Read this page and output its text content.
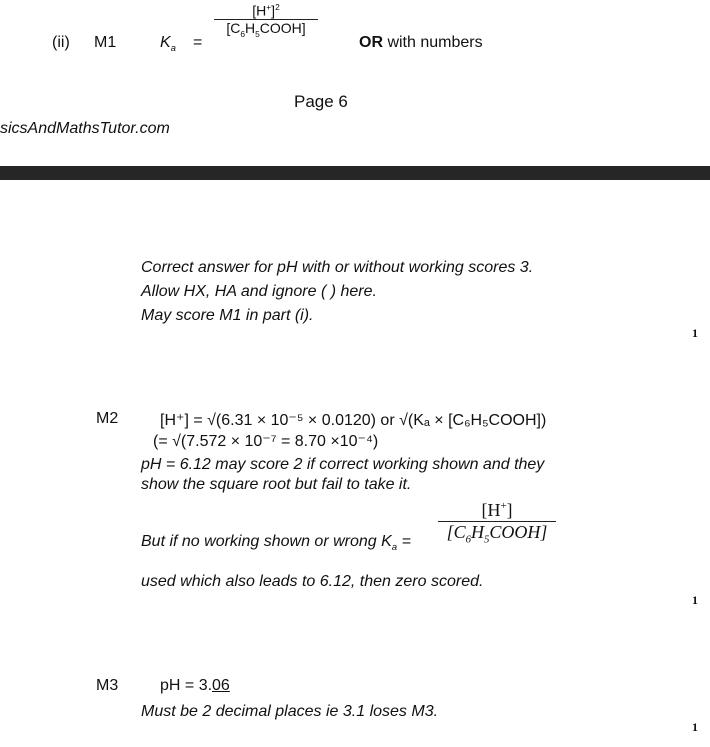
(ii) M1	$K_a$ =
$[H^+]^2$
$[C_6H_5COOH]$
OR with numbers
Page 6
sicsAndMathsTutor.com
Correct answer for pH with or without working scores 3.
Allow HX, HA and ignore ( ) here.
May score M1 in part (i).
1
M2	[H⁺] = √(6.31 × 10⁻⁵ × 0.0120) or √(Kₐ × [C₆H₅COOH])
(= √(7.572 × 10⁻⁷ = 8.70 ×10⁻⁴)
pH = 6.12 may score 2 if correct working shown and they
show the square root but fail to take it.
But if no working shown or wrong $K_a$ =
[H+]
$[C_6H_5COOH]$
used which also leads to 6.12, then zero scored.
1
M3	pH = 3.06
Must be 2 decimal places ie 3.1 loses M3.
1
